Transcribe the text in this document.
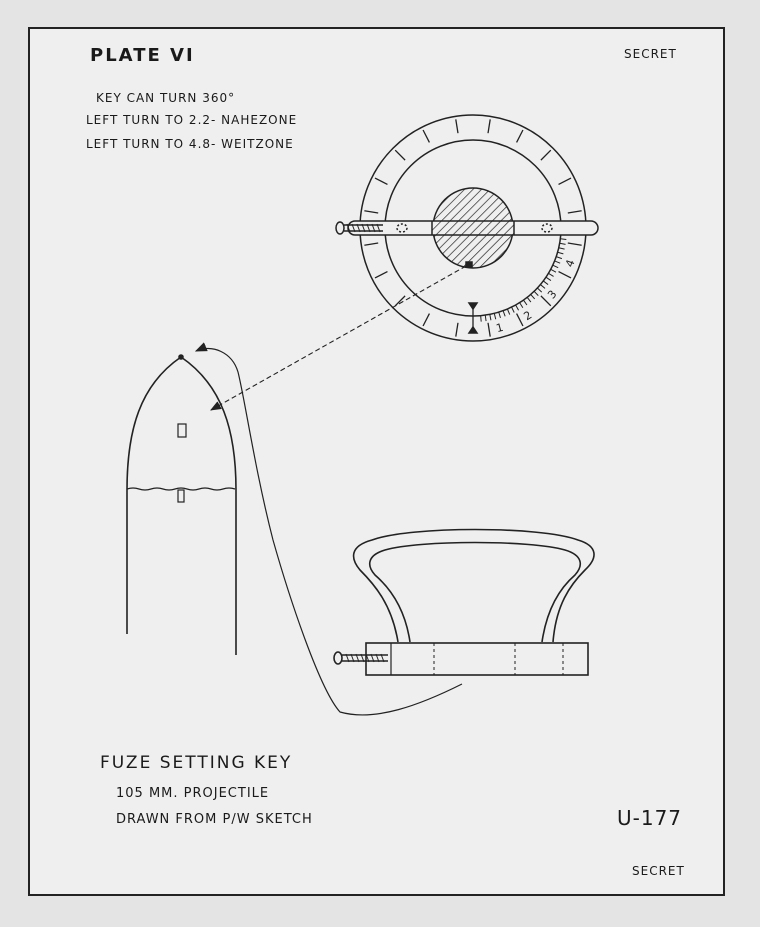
PLATE VI	SECRET
KEY CAN TURN 360°
LEFT TURN TO 2.2- NAHEZONE
LEFT TURN TO 4.8- WEITZONE
FUZE SETTING KEY
105 MM. PROJECTILE
DRAWN FROM P/W SKETCH	U-177
SECRET
1
2
3
4
